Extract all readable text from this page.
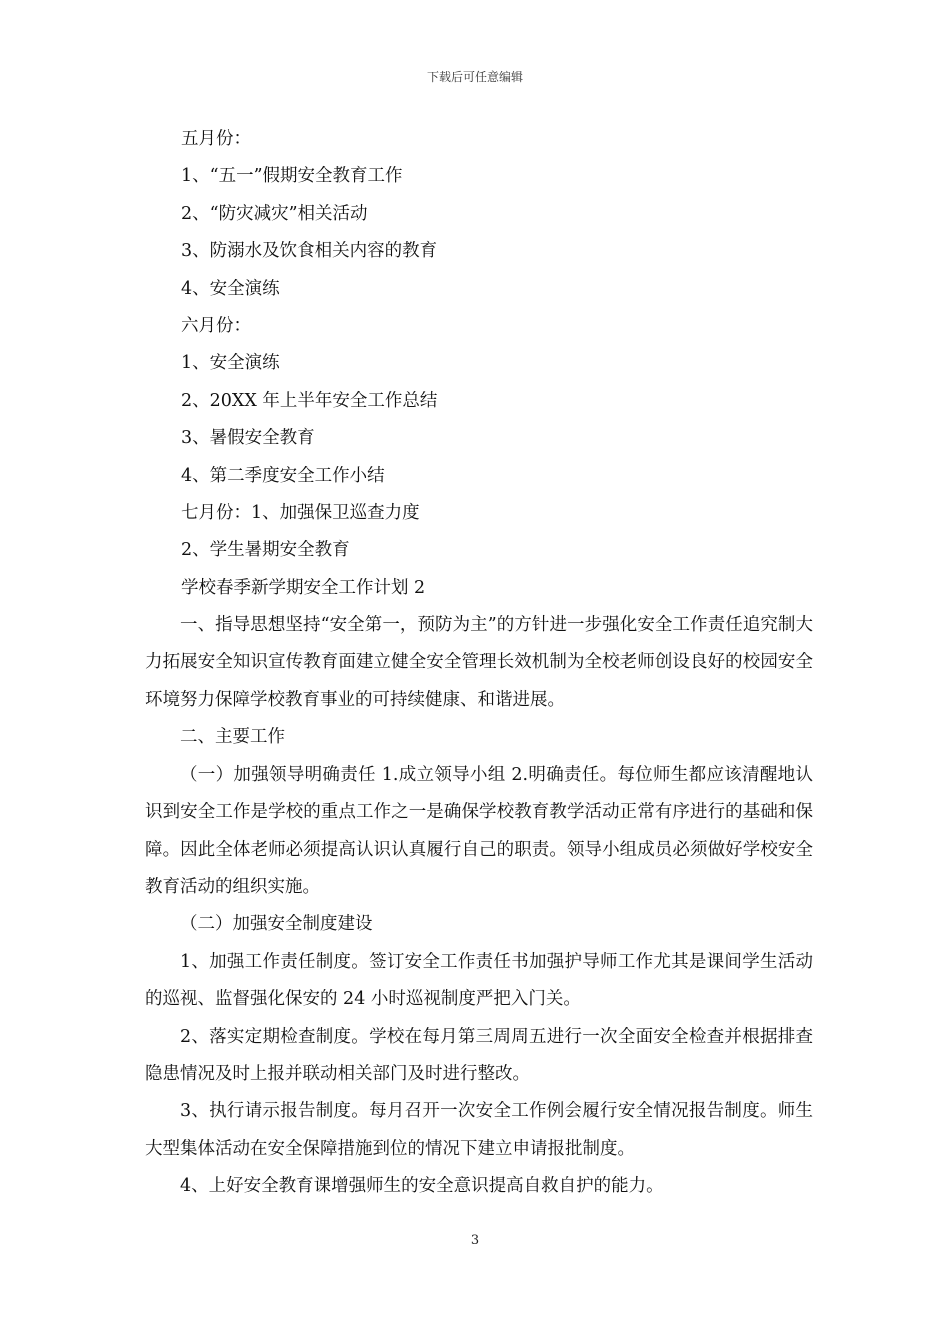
下载后可任意编辑
五月份：
1、“五一”假期安全教育工作
2、“防灾减灾”相关活动
3、防溺水及饮食相关内容的教育
4、安全演练
六月份：
1、安全演练
2、20XX 年上半年安全工作总结
3、暑假安全教育
4、第二季度安全工作小结
七月份：1、加强保卫巡查力度
2、学生暑期安全教育
学校春季新学期安全工作计划 2

一、指导思想坚持“安全第一，预防为主”的方针进一步强化安全工作责任追究制大力拓展安全知识宣传教育面建立健全安全管理长效机制为全校老师创设良好的校园安全环境努力保障学校教育事业的可持续健康、和谐进展。

二、主要工作

（一）加强领导明确责任 1.成立领导小组 2.明确责任。每位师生都应该清醒地认识到安全工作是学校的重点工作之一是确保学校教育教学活动正常有序进行的基础和保障。因此全体老师必须提高认识认真履行自己的职责。领导小组成员必须做好学校安全教育活动的组织实施。

（二）加强安全制度建设

1、加强工作责任制度。签订安全工作责任书加强护导师工作尤其是课间学生活动的巡视、监督强化保安的 24 小时巡视制度严把入门关。

2、落实定期检查制度。学校在每月第三周周五进行一次全面安全检查并根据排查隐患情况及时上报并联动相关部门及时进行整改。

3、执行请示报告制度。每月召开一次安全工作例会履行安全情况报告制度。师生大型集体活动在安全保障措施到位的情况下建立申请报批制度。

4、上好安全教育课增强师生的安全意识提高自救自护的能力。

3
